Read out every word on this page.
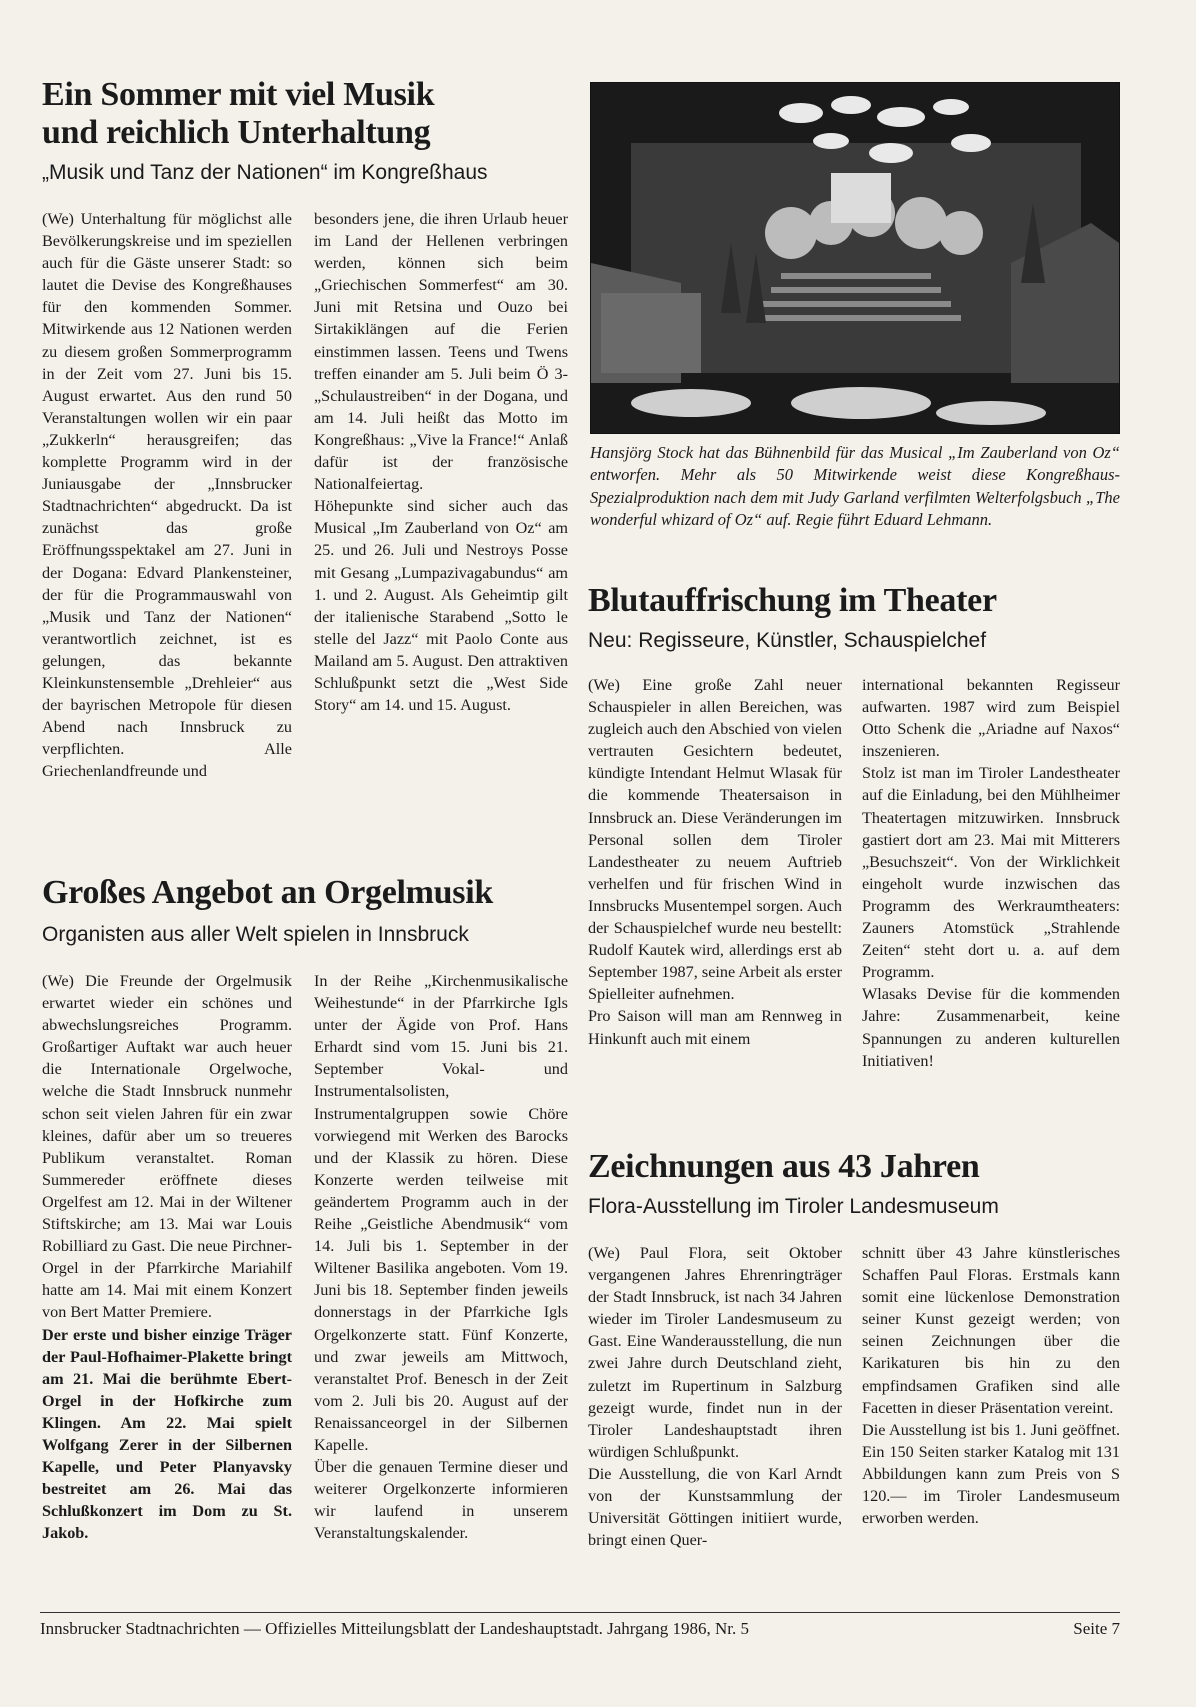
Ein Sommer mit viel Musik
und reichlich Unterhaltung

„Musik und Tanz der Nationen“ im Kongreßhaus

(We) Unterhaltung für möglichst alle Bevölkerungskreise und im speziellen auch für die Gäste unserer Stadt: so lautet die Devise des Kongreßhauses für den kommenden Sommer. Mitwirkende aus 12 Nationen werden zu diesem großen Sommerprogramm in der Zeit vom 27. Juni bis 15. August erwartet. Aus den rund 50 Veranstaltungen wollen wir ein paar „Zukkerln“ herausgreifen; das komplette Programm wird in der Juniausgabe der „Innsbrucker Stadtnachrichten“ abgedruckt. Da ist zunächst das große Eröffnungsspektakel am 27. Juni in der Dogana: Edvard Plankensteiner, der für die Programmauswahl von „Musik und Tanz der Nationen“ verantwortlich zeichnet, ist es gelungen, das bekannte Kleinkunstensemble „Drehleier“ aus der bayrischen Metropole für diesen Abend nach Innsbruck zu verpflichten. Alle Griechenlandfreunde und

besonders jene, die ihren Urlaub heuer im Land der Hellenen verbringen werden, können sich beim „Griechischen Sommerfest“ am 30. Juni mit Retsina und Ouzo bei Sirtakiklängen auf die Ferien einstimmen lassen. Teens und Twens treffen einander am 5. Juli beim Ö 3-„Schulaustreiben“ in der Dogana, und am 14. Juli heißt das Motto im Kongreßhaus: „Vive la France!“ Anlaß dafür ist der französische Nationalfeiertag.

Höhepunkte sind sicher auch das Musical „Im Zauberland von Oz“ am 25. und 26. Juli und Nestroys Posse mit Gesang „Lumpazivagabundus“ am 1. und 2. August. Als Geheimtip gilt der italienische Starabend „Sotto le stelle del Jazz“ mit Paolo Conte aus Mailand am 5. August. Den attraktiven Schlußpunkt setzt die „West Side Story“ am 14. und 15. August.

Hansjörg Stock hat das Bühnenbild für das Musical „Im Zauberland von Oz“ entworfen. Mehr als 50 Mitwirkende weist diese Kongreßhaus-Spezialproduktion nach dem mit Judy Garland verfilmten Welterfolgsbuch „The wonderful whizard of Oz“ auf. Regie führt Eduard Lehmann.

Blutauffrischung im Theater

Neu: Regisseure, Künstler, Schauspielchef

(We) Eine große Zahl neuer Schauspieler in allen Bereichen, was zugleich auch den Abschied von vielen vertrauten Gesichtern bedeutet, kündigte Intendant Helmut Wlasak für die kommende Theatersaison in Innsbruck an. Diese Veränderungen im Personal sollen dem Tiroler Landestheater zu neuem Auftrieb verhelfen und für frischen Wind in Innsbrucks Musentempel sorgen. Auch der Schauspielchef wurde neu bestellt: Rudolf Kautek wird, allerdings erst ab September 1987, seine Arbeit als erster Spielleiter aufnehmen.

Pro Saison will man am Rennweg in Hinkunft auch mit einem

international bekannten Regisseur aufwarten. 1987 wird zum Beispiel Otto Schenk die „Ariadne auf Naxos“ inszenieren.

Stolz ist man im Tiroler Landestheater auf die Einladung, bei den Mühlheimer Theatertagen mitzuwirken. Innsbruck gastiert dort am 23. Mai mit Mitterers „Besuchszeit“. Von der Wirklichkeit eingeholt wurde inzwischen das Programm des Werkraumtheaters: Zauners Atomstück „Strahlende Zeiten“ steht dort u. a. auf dem Programm.

Wlasaks Devise für die kommenden Jahre: Zusammenarbeit, keine Spannungen zu anderen kulturellen Initiativen!

Großes Angebot an Orgelmusik

Organisten aus aller Welt spielen in Innsbruck

(We) Die Freunde der Orgelmusik erwartet wieder ein schönes und abwechslungsreiches Programm. Großartiger Auftakt war auch heuer die Internationale Orgelwoche, welche die Stadt Innsbruck nunmehr schon seit vielen Jahren für ein zwar kleines, dafür aber um so treueres Publikum veranstaltet. Roman Summereder eröffnete dieses Orgelfest am 12. Mai in der Wiltener Stiftskirche; am 13. Mai war Louis Robilliard zu Gast. Die neue Pirchner-Orgel in der Pfarrkirche Mariahilf hatte am 14. Mai mit einem Konzert von Bert Matter Premiere.

Der erste und bisher einzige Träger der Paul-Hofhaimer-Plakette bringt am 21. Mai die berühmte Ebert-Orgel in der Hofkirche zum Klingen. Am 22. Mai spielt Wolfgang Zerer in der Silbernen Kapelle, und Peter Planyavsky bestreitet am 26. Mai das Schlußkonzert im Dom zu St. Jakob.

In der Reihe „Kirchenmusikalische Weihestunde“ in der Pfarrkirche Igls unter der Ägide von Prof. Hans Erhardt sind vom 15. Juni bis 21. September Vokal- und Instrumentalsolisten, Instrumentalgruppen sowie Chöre vorwiegend mit Werken des Barocks und der Klassik zu hören. Diese Konzerte werden teilweise mit geändertem Programm auch in der Reihe „Geistliche Abendmusik“ vom 14. Juli bis 1. September in der Wiltener Basilika angeboten. Vom 19. Juni bis 18. September finden jeweils donnerstags in der Pfarrkiche Igls Orgelkonzerte statt. Fünf Konzerte, und zwar jeweils am Mittwoch, veranstaltet Prof. Benesch in der Zeit vom 2. Juli bis 20. August auf der Renaissanceorgel in der Silbernen Kapelle.

Über die genauen Termine dieser und weiterer Orgelkonzerte informieren wir laufend in unserem Veranstaltungskalender.

Zeichnungen aus 43 Jahren

Flora-Ausstellung im Tiroler Landesmuseum

(We) Paul Flora, seit Oktober vergangenen Jahres Ehrenringträger der Stadt Innsbruck, ist nach 34 Jahren wieder im Tiroler Landesmuseum zu Gast. Eine Wanderausstellung, die nun zwei Jahre durch Deutschland zieht, zuletzt im Rupertinum in Salzburg gezeigt wurde, findet nun in der Tiroler Landeshauptstadt ihren würdigen Schlußpunkt.

Die Ausstellung, die von Karl Arndt von der Kunstsammlung der Universität Göttingen initiiert wurde, bringt einen Quer-

schnitt über 43 Jahre künstlerisches Schaffen Paul Floras. Erstmals kann somit eine lückenlose Demonstration seiner Kunst gezeigt werden; von seinen Zeichnungen über die Karikaturen bis hin zu den empfindsamen Grafiken sind alle Facetten in dieser Präsentation vereint.

Die Ausstellung ist bis 1. Juni geöffnet. Ein 150 Seiten starker Katalog mit 131 Abbildungen kann zum Preis von S 120.— im Tiroler Landesmuseum erworben werden.

Innsbrucker Stadtnachrichten — Offizielles Mitteilungsblatt der Landeshauptstadt. Jahrgang 1986, Nr. 5	Seite 7
